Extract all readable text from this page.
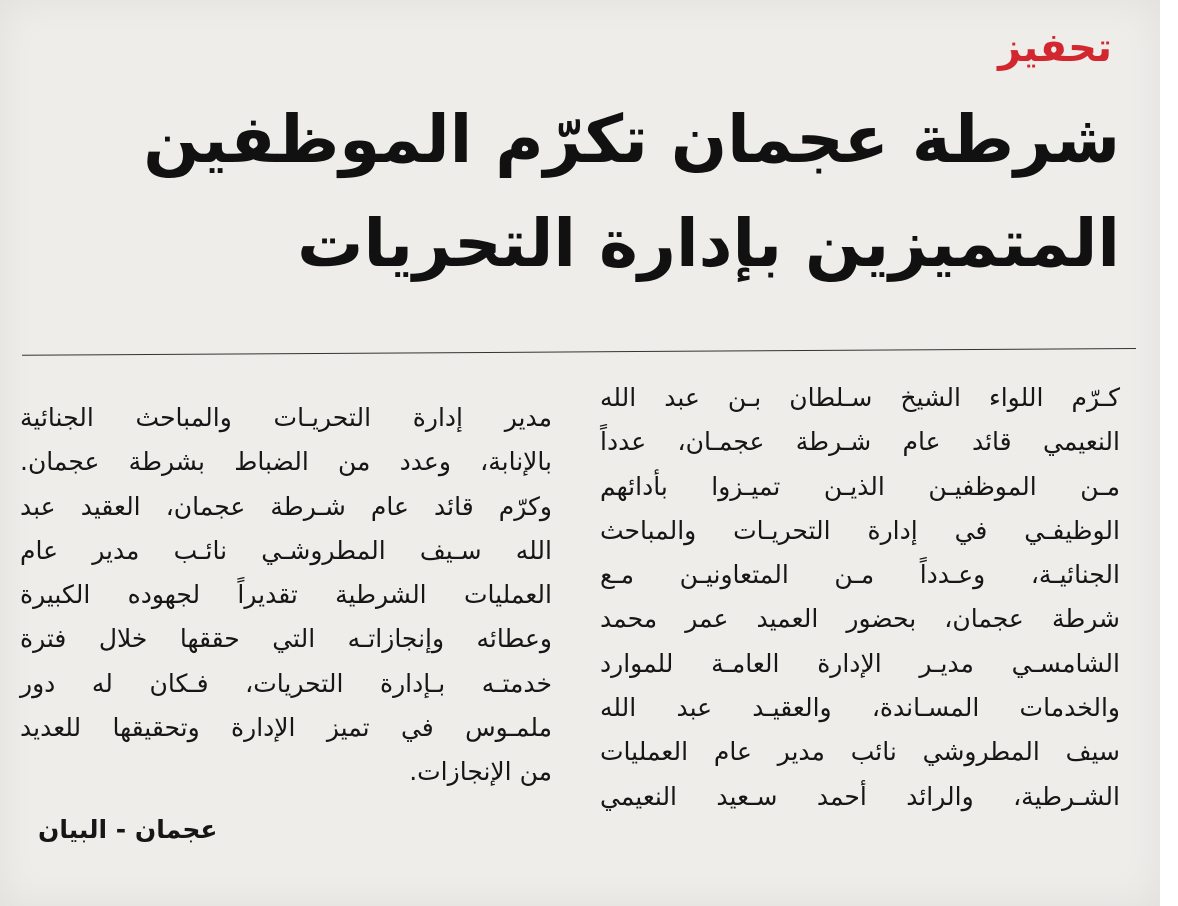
تحفيز
شرطة عجمان تكرّم الموظفين
المتميزين بإدارة التحريات

كـرّم اللواء الشيخ سـلطان بـن عبد الله
النعيمي قائد عام شـرطة عجمـان، عدداً
مـن الموظفيـن الذيـن تميـزوا بأدائهم
الوظيفـي في إدارة التحريـات والمباحث
الجنائيـة، وعـدداً مـن المتعاونيـن مـع
شرطة عجمان، بحضور العميد عمر محمد
الشامسـي مديـر الإدارة العامـة للموارد
والخدمات المسـاندة، والعقيـد عبد الله
سيف المطروشي نائب مدير عام العمليات
الشـرطية، والرائد أحمد سـعيد النعيمي

مدير إدارة التحريـات والمباحث الجنائية
بالإنابة، وعدد من الضباط بشرطة عجمان.
وكرّم قائد عام شـرطة عجمان، العقيد عبد
الله سـيف المطروشـي نائـب مدير عام
العمليات الشرطية تقديراً لجهوده الكبيرة
وعطائه وإنجازاتـه التي حققها خلال فترة
خدمتـه بـإدارة التحريات، فـكان له دور
ملمـوس في تميز الإدارة وتحقيقها للعديد
من الإنجازات.

عجمان - البيان
